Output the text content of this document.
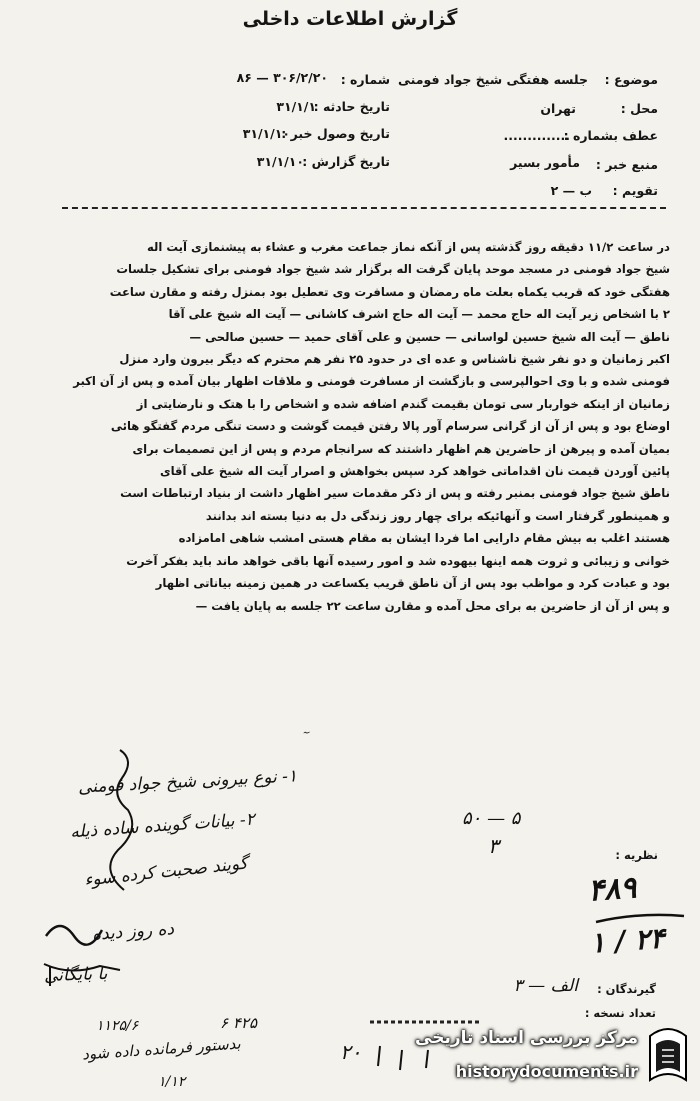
گزارش اطلاعات داخلی
موضوع :
جلسه هفتگی شیخ جواد فومنی
شماره :
۳۰۶/۲/۲۰ — ۸۶
محل :
تهران
تاریخ حادثه :
۳۱/۱/۱
عطف بشماره :
..............
تاریخ وصول خبر :
۳۱/۱/۱۰
منبع خبر :
مأمور بسیر
تاریخ گزارش :
۳۱/۱/۱۰
تقویم :
ب — ۲
در ساعت ۱۱/۲ دقیقه روز گذشته پس از آنکه نماز جماعت مغرب و عشاء به پیشنمازی آیت اله
شیخ جواد فومنی در مسجد موحد پایان گرفت اله برگزار شد شیخ جواد فومنی برای تشکیل جلسات
هفتگی خود که قریب یکماه بعلت ماه رمضان و مسافرت وی تعطیل بود بمنزل رفته و مقارن ساعت
۲ با اشخاص زیر آیت اله حاج محمد — آیت اله حاج اشرف کاشانی — آیت اله شیخ علی آقا
ناطق — آیت اله شیخ حسین لواسانی — حسین و علی آقای حمید — حسین صالحی —
اکبر زمانیان و دو نفر شیخ ناشناس و عده ای در حدود ۲۵ نفر هم محترم که دیگر بیرون وارد منزل
فومنی شده و با وی احوالپرسی و بازگشت از مسافرت فومنی و ملاقات اظهار بیان آمده و پس از آن اکبر
زمانیان از اینکه خواربار سی تومان بقیمت گندم اضافه شده و اشخاص را با هتک و نارضایتی از
اوضاع بود و پس از آن از گرانی سرسام آور پالا رفتن قیمت گوشت و دست تنگی مردم گفتگو هائی
بمیان آمده و پیرهن از حاضرین هم اظهار داشتند که سرانجام مردم و پس از این تصمیمات برای
پائین آوردن قیمت نان اقداماتی خواهد کرد سپس بخواهش و اصرار آیت اله شیخ علی آقای
ناطق شیخ جواد فومنی بمنبر رفته و پس از ذکر مقدمات سیر اظهار داشت از بنیاد ارتباطات است
و همینطور گرفتار است و آنهائیکه برای چهار روز زندگی دل به دنیا بسته اند بدانند
هستند اغلب به بیش مقام دارایی اما فردا ایشان به مقام هستی امشب شاهی امامزاده
خوانی و زیبائی و ثروت همه اینها بیهوده شد و امور رسیده آنها باقی خواهد ماند باید بفکر آخرت
بود و عبادت کرد و مواظب بود پس از آن ناطق قریب یکساعت در همین زمینه بیاناتی اظهار
و پس از آن از حاضرین به برای محل آمده و مقارن ساعت ۲۲ جلسه به پایان یافت —
۱- نوع بیرونی شیخ جواد فومنی
۲- بیانات گوینده ساده ذیله
گویند صحبت کرده سوء
ده روز دیده
با بایگانی
۵ — ۵۰
۳
۴۸۹
۲۴ / ۱
نظریه :
گیرندگان :
الف — ۳
تعداد نسخه :
۱۱۲۵/۶	۴۲۵ ۶
بدستور فرمانده داده شود
۱/۱۲
۲۰
مرکز بررسی اسناد تاریخی
historydocuments.ir
